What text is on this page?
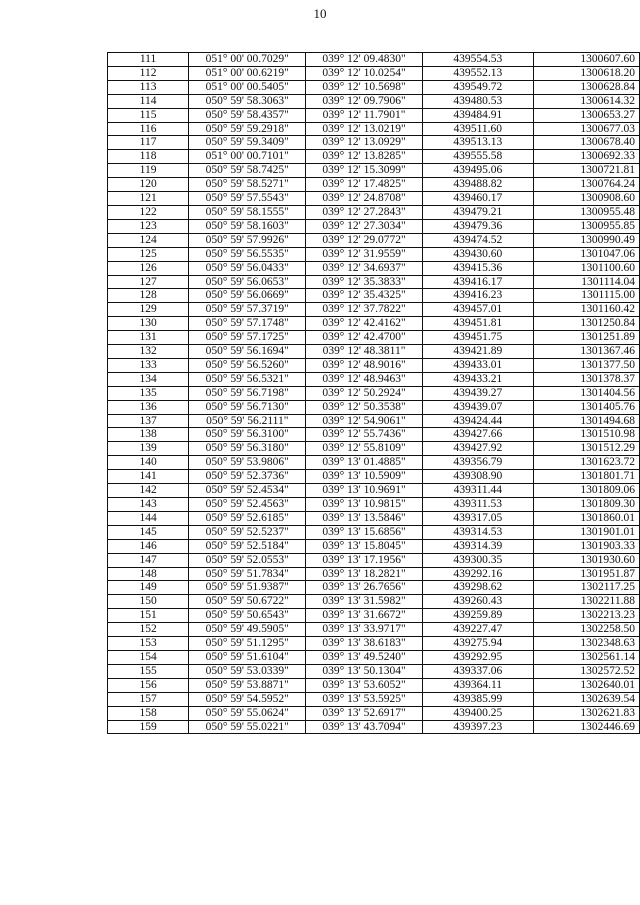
10
111	051° 00' 00.7029"	039° 12' 09.4830"	439554.53	1300607.60
112	051° 00' 00.6219"	039° 12' 10.0254"	439552.13	1300618.20
113	051° 00' 00.5405"	039° 12' 10.5698"	439549.72	1300628.84
114	050° 59' 58.3063"	039° 12' 09.7906"	439480.53	1300614.32
115	050° 59' 58.4357"	039° 12' 11.7901"	439484.91	1300653.27
116	050° 59' 59.2918"	039° 12' 13.0219"	439511.60	1300677.03
117	050° 59' 59.3409"	039° 12' 13.0929"	439513.13	1300678.40
118	051° 00' 00.7101"	039° 12' 13.8285"	439555.58	1300692.33
119	050° 59' 58.7425"	039° 12' 15.3099"	439495.06	1300721.81
120	050° 59' 58.5271"	039° 12' 17.4825"	439488.82	1300764.24
121	050° 59' 57.5543"	039° 12' 24.8708"	439460.17	1300908.60
122	050° 59' 58.1555"	039° 12' 27.2843"	439479.21	1300955.48
123	050° 59' 58.1603"	039° 12' 27.3034"	439479.36	1300955.85
124	050° 59' 57.9926"	039° 12' 29.0772"	439474.52	1300990.49
125	050° 59' 56.5535"	039° 12' 31.9559"	439430.60	1301047.06
126	050° 59' 56.0433"	039° 12' 34.6937"	439415.36	1301100.60
127	050° 59' 56.0653"	039° 12' 35.3833"	439416.17	1301114.04
128	050° 59' 56.0669"	039° 12' 35.4325"	439416.23	1301115.00
129	050° 59' 57.3719"	039° 12' 37.7822"	439457.01	1301160.42
130	050° 59' 57.1748"	039° 12' 42.4162"	439451.81	1301250.84
131	050° 59' 57.1725"	039° 12' 42.4700"	439451.75	1301251.89
132	050° 59' 56.1694"	039° 12' 48.3811"	439421.89	1301367.46
133	050° 59' 56.5260"	039° 12' 48.9016"	439433.01	1301377.50
134	050° 59' 56.5321"	039° 12' 48.9463"	439433.21	1301378.37
135	050° 59' 56.7198"	039° 12' 50.2924"	439439.27	1301404.56
136	050° 59' 56.7130"	039° 12' 50.3538"	439439.07	1301405.76
137	050° 59' 56.2111"	039° 12' 54.9061"	439424.44	1301494.68
138	050° 59' 56.3100"	039° 12' 55.7436"	439427.66	1301510.98
139	050° 59' 56.3180"	039° 12' 55.8109"	439427.92	1301512.29
140	050° 59' 53.9806"	039° 13' 01.4885"	439356.79	1301623.72
141	050° 59' 52.3736"	039° 13' 10.5909"	439308.90	1301801.71
142	050° 59' 52.4534"	039° 13' 10.9691"	439311.44	1301809.06
143	050° 59' 52.4563"	039° 13' 10.9815"	439311.53	1301809.30
144	050° 59' 52.6185"	039° 13' 13.5846"	439317.05	1301860.01
145	050° 59' 52.5237"	039° 13' 15.6856"	439314.53	1301901.01
146	050° 59' 52.5184"	039° 13' 15.8045"	439314.39	1301903.33
147	050° 59' 52.0553"	039° 13' 17.1956"	439300.35	1301930.60
148	050° 59' 51.7834"	039° 13' 18.2821"	439292.16	1301951.87
149	050° 59' 51.9387"	039° 13' 26.7656"	439298.62	1302117.25
150	050° 59' 50.6722"	039° 13' 31.5982"	439260.43	1302211.88
151	050° 59' 50.6543"	039° 13' 31.6672"	439259.89	1302213.23
152	050° 59' 49.5905"	039° 13' 33.9717"	439227.47	1302258.50
153	050° 59' 51.1295"	039° 13' 38.6183"	439275.94	1302348.63
154	050° 59' 51.6104"	039° 13' 49.5240"	439292.95	1302561.14
155	050° 59' 53.0339"	039° 13' 50.1304"	439337.06	1302572.52
156	050° 59' 53.8871"	039° 13' 53.6052"	439364.11	1302640.01
157	050° 59' 54.5952"	039° 13' 53.5925"	439385.99	1302639.54
158	050° 59' 55.0624"	039° 13' 52.6917"	439400.25	1302621.83
159	050° 59' 55.0221"	039° 13' 43.7094"	439397.23	1302446.69
